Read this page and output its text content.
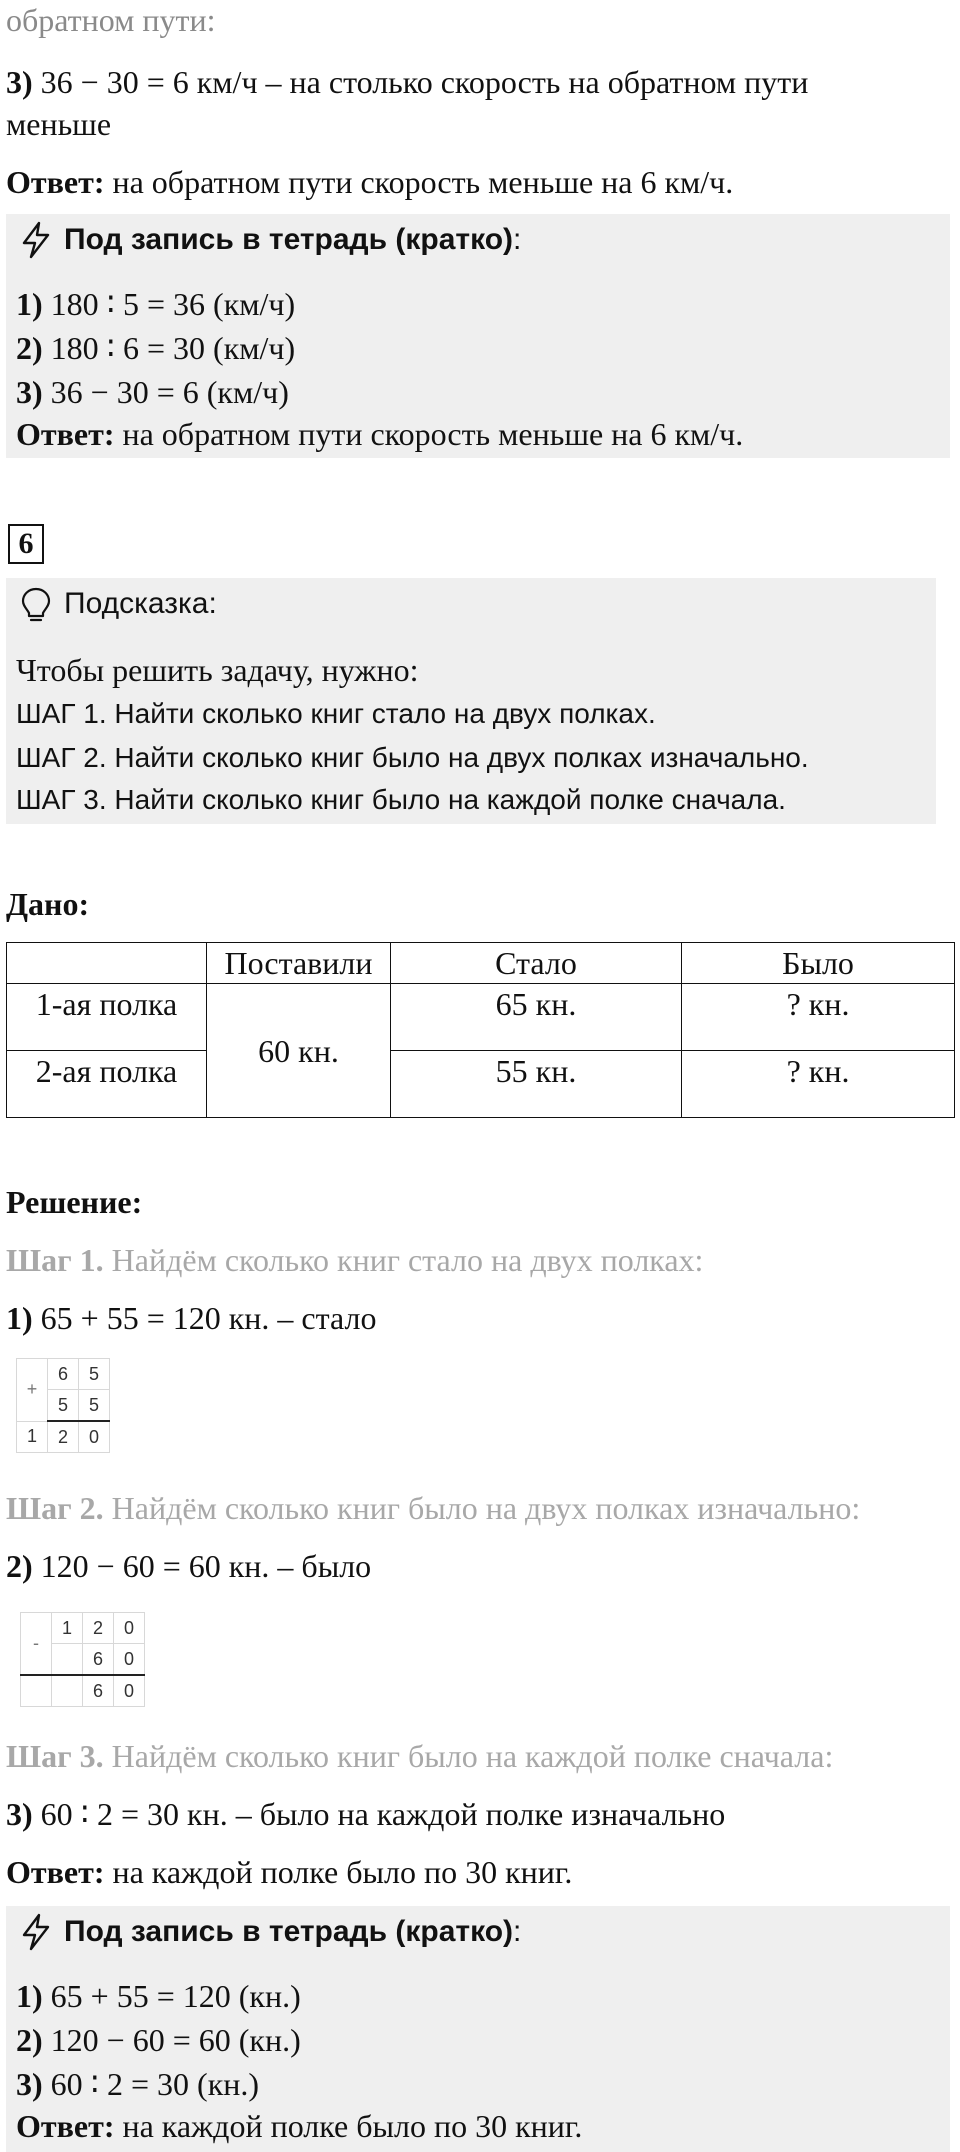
обратном пути:
3) 36 − 30 = 6 км/ч – на столько скорость на обратном пути
меньше
Ответ: на обратном пути скорость меньше на 6 км/ч.
Под запись в тетрадь (кратко):
1) 180 ∶ 5 = 36 (км/ч)
2) 180 ∶ 6 = 30 (км/ч)
3) 36 − 30 = 6 (км/ч)
Ответ: на обратном пути скорость меньше на 6 км/ч.
6
Подсказка:
Чтобы решить задачу, нужно:
ШАГ 1. Найти сколько книг стало на двух полках.
ШАГ 2. Найти сколько книг было на двух полках изначально.
ШАГ 3. Найти сколько книг было на каждой полке сначала.
Дано:
	Поставили	Стало	Было
1-ая полка	60 кн.	65 кн.	? кн.
2-ая полка		55 кн.	? кн.
Решение:
Шаг 1. Найдём сколько книг стало на двух полках:
1) 65 + 55 = 120 кн. – стало
+	6	5
	5	5
1	2	0
Шаг 2. Найдём сколько книг было на двух полках изначально:
2) 120 − 60 = 60 кн. – было
-	1	2	0
		6	0
		6	0
Шаг 3. Найдём сколько книг было на каждой полке сначала:
3) 60 ∶ 2 = 30 кн. – было на каждой полке изначально
Ответ: на каждой полке было по 30 книг.
Под запись в тетрадь (кратко):
1) 65 + 55 = 120 (кн.)
2) 120 − 60 = 60 (кн.)
3) 60 ∶ 2 = 30 (кн.)
Ответ: на каждой полке было по 30 книг.
